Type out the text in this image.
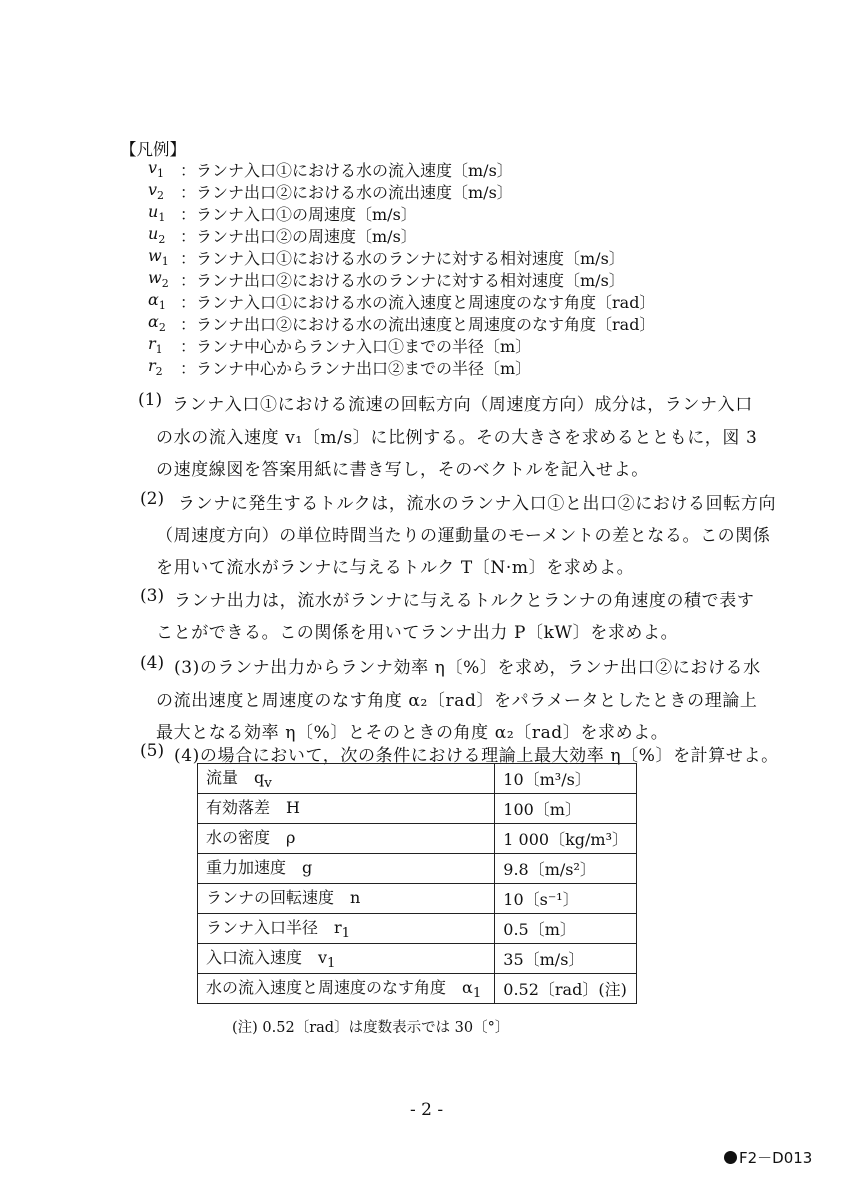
【凡例】
$v_1$ ：ランナ入口①における水の流入速度〔m/s〕
$v_2$ ：ランナ出口②における水の流出速度〔m/s〕
$u_1$ ：ランナ入口①の周速度〔m/s〕
$u_2$ ：ランナ出口②の周速度〔m/s〕
$w_1$ ：ランナ入口①における水のランナに対する相対速度〔m/s〕
$w_2$ ：ランナ出口②における水のランナに対する相対速度〔m/s〕
$\alpha_1$ ：ランナ入口①における水の流入速度と周速度のなす角度〔rad〕
$\alpha_2$ ：ランナ出口②における水の流出速度と周速度のなす角度〔rad〕
$r_1$	：ランナ中心からランナ入口①までの半径〔m〕
$r_2$	：ランナ中心からランナ出口②までの半径〔m〕
(1) ランナ入口①における流速の回転方向（周速度方向）成分は，ランナ入口
の水の流入速度 v₁〔m/s〕に比例する。その大きさを求めるとともに，図 3
の速度線図を答案用紙に書き写し，そのベクトルを記入せよ。
(2) ランナに発生するトルクは，流水のランナ入口①と出口②における回転方向
（周速度方向）の単位時間当たりの運動量のモーメントの差となる。この関係
を用いて流水がランナに与えるトルク T〔N·m〕を求めよ。
(3) ランナ出力は，流水がランナに与えるトルクとランナの角速度の積で表す
ことができる。この関係を用いてランナ出力 P〔kW〕を求めよ。
(4) (3)のランナ出力からランナ効率 η〔%〕を求め，ランナ出口②における水
の流出速度と周速度のなす角度 α₂〔rad〕をパラメータとしたときの理論上
最大となる効率 η〔%〕とそのときの角度 α₂〔rad〕を求めよ。
(5) (4)の場合において，次の条件における理論上最大効率 η〔%〕を計算せよ。
流量　$q_v$	10〔m³/s〕
有効落差　H	100〔m〕
水の密度　ρ	1 000〔kg/m³〕
重力加速度　g	9.8〔m/s²〕
ランナの回転速度　n	10〔s⁻¹〕
ランナ入口半径　$r_1$	0.5〔m〕
入口流入速度　$v_1$	35〔m/s〕
水の流入速度と周速度のなす角度　$\alpha_1$	0.52〔rad〕(注)
(注) 0.52〔rad〕は度数表示では 30〔°〕
- 2 -
F2－D013
